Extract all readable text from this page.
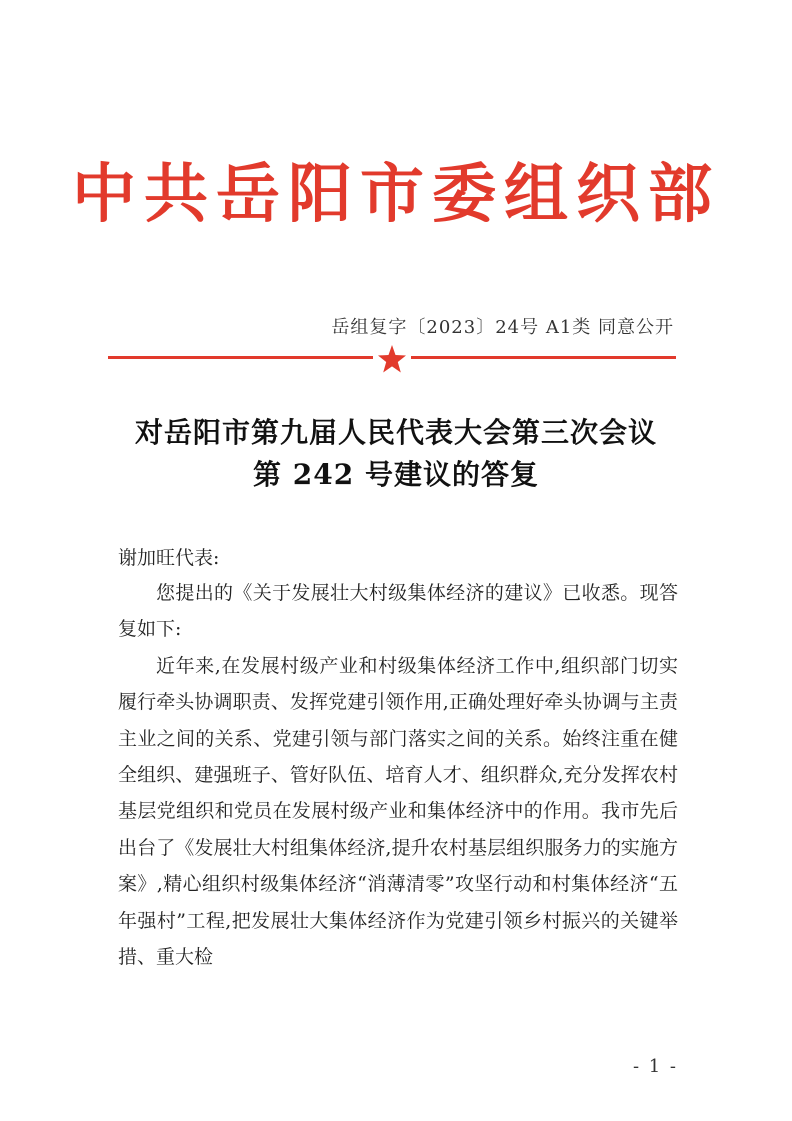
中共岳阳市委组织部
岳组复字〔2023〕24号 A1类 同意公开
对岳阳市第九届人民代表大会第三次会议
第 242 号建议的答复
谢加旺代表:

您提出的《关于发展壮大村级集体经济的建议》已收悉。现答复如下:

近年来,在发展村级产业和村级集体经济工作中,组织部门切实履行牵头协调职责、发挥党建引领作用,正确处理好牵头协调与主责主业之间的关系、党建引领与部门落实之间的关系。始终注重在健全组织、建强班子、管好队伍、培育人才、组织群众,充分发挥农村基层党组织和党员在发展村级产业和集体经济中的作用。我市先后出台了《发展壮大村组集体经济,提升农村基层组织服务力的实施方案》,精心组织村级集体经济“消薄清零”攻坚行动和村集体经济“五年强村”工程,把发展壮大集体经济作为党建引领乡村振兴的关键举措、重大检

- 1 -
